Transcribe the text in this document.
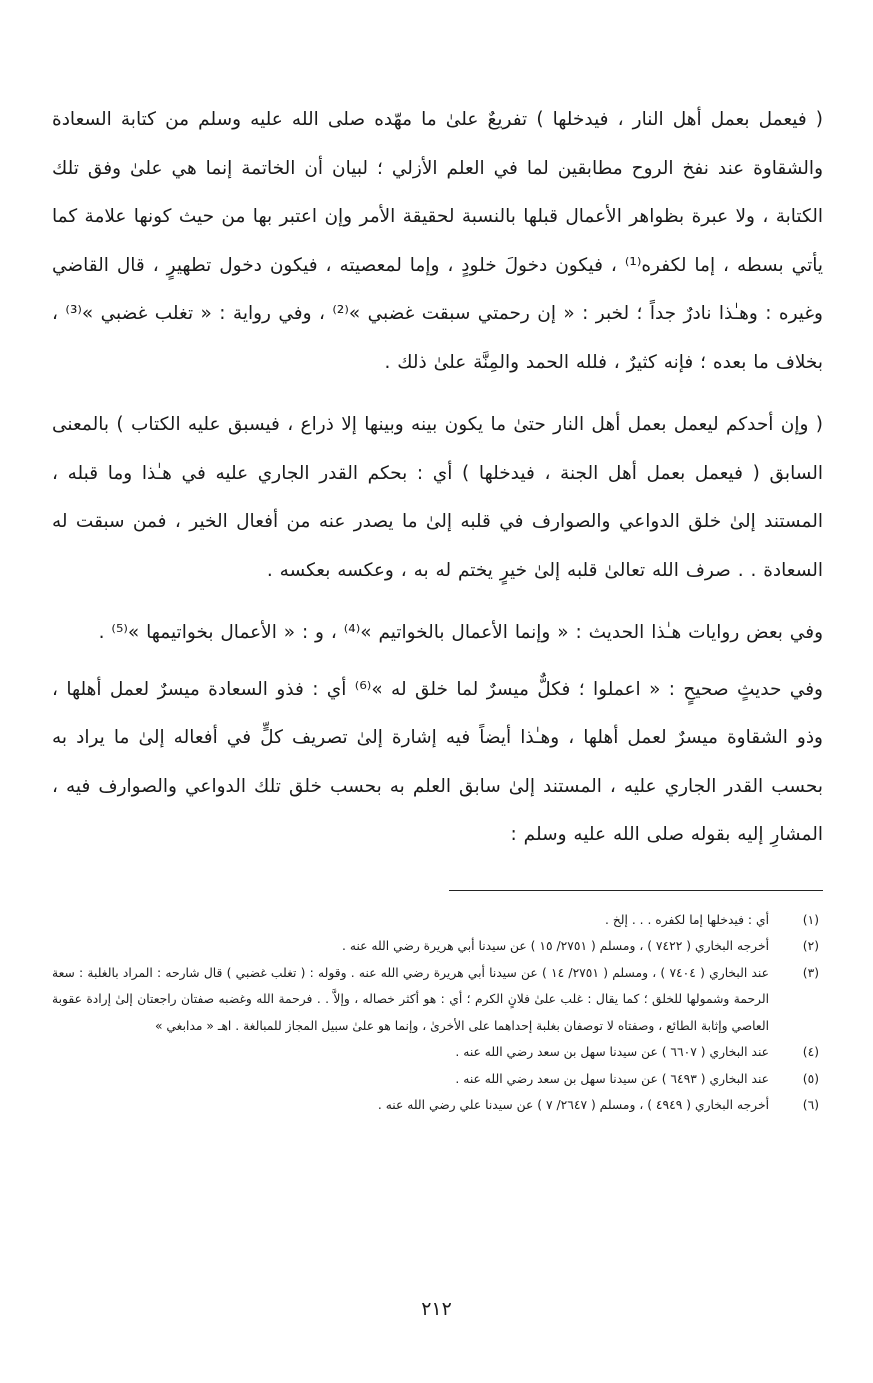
( فيعمل بعمل أهل النار ، فيدخلها ) تفريعٌ علىٰ ما مهّده صلى الله عليه وسلم من كتابة السعادة والشقاوة عند نفخ الروح مطابقين لما في العلم الأزلي ؛ لبيان أن الخاتمة إنما هي علىٰ وفق تلك الكتابة ، ولا عبرة بظواهر الأعمال قبلها بالنسبة لحقيقة الأمر وإن اعتبر بها من حيث كونها علامة كما يأتي بسطه ، إما لكفره⁽¹⁾ ، فيكون دخولَ خلودٍ ، وإما لمعصيته ، فيكون دخول تطهيرٍ ، قال القاضي وغيره : وهـٰذا نادرٌ جداً ؛ لخبر : « إن رحمتي سبقت غضبي »⁽²⁾ ، وفي رواية : « تغلب غضبي »⁽³⁾ ، بخلاف ما بعده ؛ فإنه كثيرٌ ، فلله الحمد والمِنَّة علىٰ ذلك .

( وإن أحدكم ليعمل بعمل أهل النار حتىٰ ما يكون بينه وبينها إلا ذراع ، فيسبق عليه الكتاب ) بالمعنى السابق ( فيعمل بعمل أهل الجنة ، فيدخلها ) أي : بحكم القدر الجاري عليه في هـٰذا وما قبله ، المستند إلىٰ خلق الدواعي والصوارف في قلبه إلىٰ ما يصدر عنه من أفعال الخير ، فمن سبقت له السعادة . . صرف الله تعالىٰ قلبه إلىٰ خيرٍ يختم له به ، وعكسه بعكسه .

وفي بعض روايات هـٰذا الحديث : « وإنما الأعمال بالخواتيم »⁽⁴⁾ ، و : « الأعمال بخواتيمها »⁽⁵⁾ .

وفي حديثٍ صحيحٍ : « اعملوا ؛ فكلٌّ ميسرٌ لما خلق له »⁽⁶⁾ أي : فذو السعادة ميسرٌ لعمل أهلها ، وذو الشقاوة ميسرٌ لعمل أهلها ، وهـٰذا أيضاً فيه إشارة إلىٰ تصريف كلٍّ في أفعاله إلىٰ ما يراد به بحسب القدر الجاري عليه ، المستند إلىٰ سابق العلم به بحسب خلق تلك الدواعي والصوارف فيه ، المشارِ إليه بقوله صلى الله عليه وسلم :

(١)
أي : فيدخلها إما لكفره . . . إلخ .
(٢)
أخرجه البخاري ( ٧٤٢٢ ) ، ومسلم ( ٢٧٥١/ ١٥ ) عن سيدنا أبي هريرة رضي الله عنه .
(٣)
عند البخاري ( ٧٤٠٤ ) ، ومسلم ( ٢٧٥١/ ١٤ ) عن سيدنا أبي هريرة رضي الله عنه . وقوله : ( تغلب غضبي ) قال شارحه : المراد بالغلبة : سعة الرحمة وشمولها للخلق ؛ كما يقال : غلب علىٰ فلانٍ الكرم ؛ أي : هو أكثر خصاله ، وإلاَّ . . فرحمة الله وغضبه صفتان راجعتان إلىٰ إرادة عقوبة العاصي وإثابة الطائع ، وصفتاه لا توصفان بغلبة إحداهما على الأخرىٰ ، وإنما هو علىٰ سبيل المجاز للمبالغة . اهـ « مدابغي »
(٤)
عند البخاري ( ٦٦٠٧ ) عن سيدنا سهل بن سعد رضي الله عنه .
(٥)
عند البخاري ( ٦٤٩٣ ) عن سيدنا سهل بن سعد رضي الله عنه .
(٦)
أخرجه البخاري ( ٤٩٤٩ ) ، ومسلم ( ٢٦٤٧/ ٧ ) عن سيدنا علي رضي الله عنه .
٢١٢
